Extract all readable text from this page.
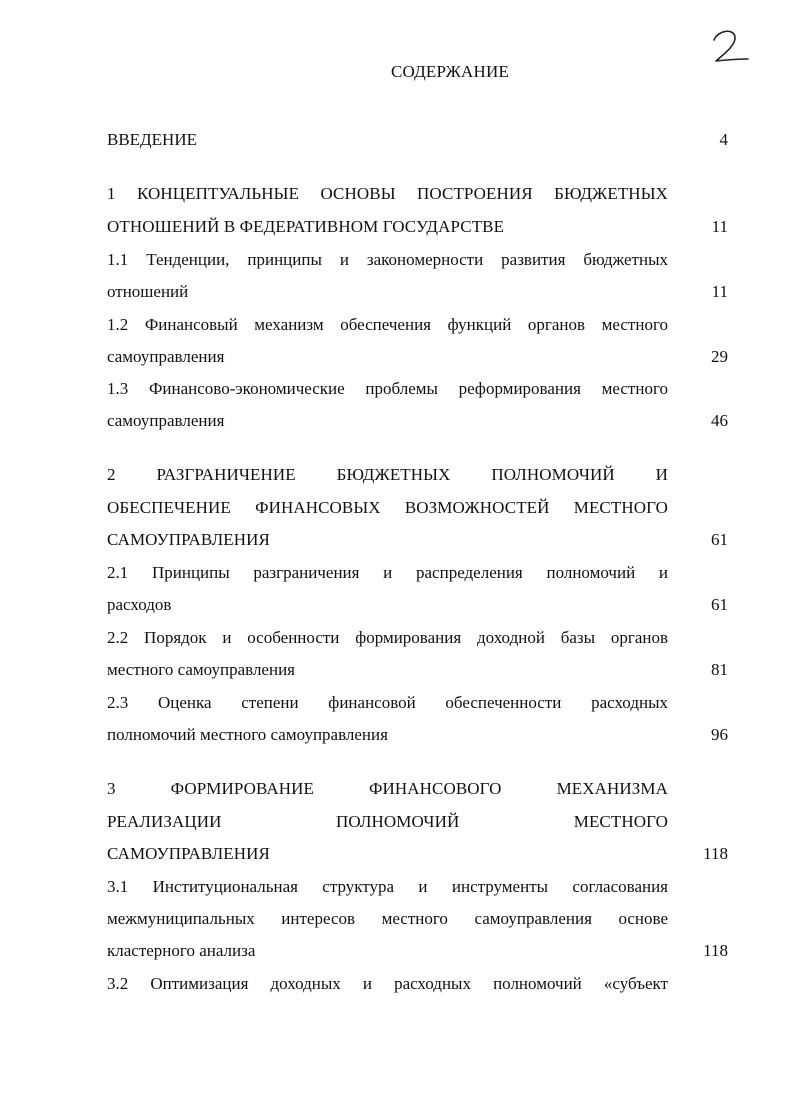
СОДЕРЖАНИЕ
ВВЕДЕНИЕ	4
1 КОНЦЕПТУАЛЬНЫЕ ОСНОВЫ ПОСТРОЕНИЯ БЮДЖЕТНЫХ
ОТНОШЕНИЙ В ФЕДЕРАТИВНОМ ГОСУДАРСТВЕ	11
1.1 Тенденции, принципы и закономерности развития бюджетных
отношений	11
1.2 Финансовый механизм обеспечения функций органов местного
самоуправления	29
1.3 Финансово-экономические проблемы реформирования местного
самоуправления	46
2 РАЗГРАНИЧЕНИЕ БЮДЖЕТНЫХ ПОЛНОМОЧИЙ И
ОБЕСПЕЧЕНИЕ ФИНАНСОВЫХ ВОЗМОЖНОСТЕЙ МЕСТНОГО
САМОУПРАВЛЕНИЯ	61
2.1 Принципы разграничения и распределения полномочий и
расходов	61
2.2 Порядок и особенности формирования доходной базы органов
местного самоуправления	81
2.3 Оценка степени финансовой обеспеченности расходных
полномочий местного самоуправления	96
3 ФОРМИРОВАНИЕ ФИНАНСОВОГО МЕХАНИЗМА
РЕАЛИЗАЦИИ ПОЛНОМОЧИЙ МЕСТНОГО
САМОУПРАВЛЕНИЯ	118
3.1 Институциональная структура и инструменты согласования
межмуниципальных интересов местного самоуправления основе
кластерного анализа	118
3.2 Оптимизация доходных и расходных полномочий «субъект
